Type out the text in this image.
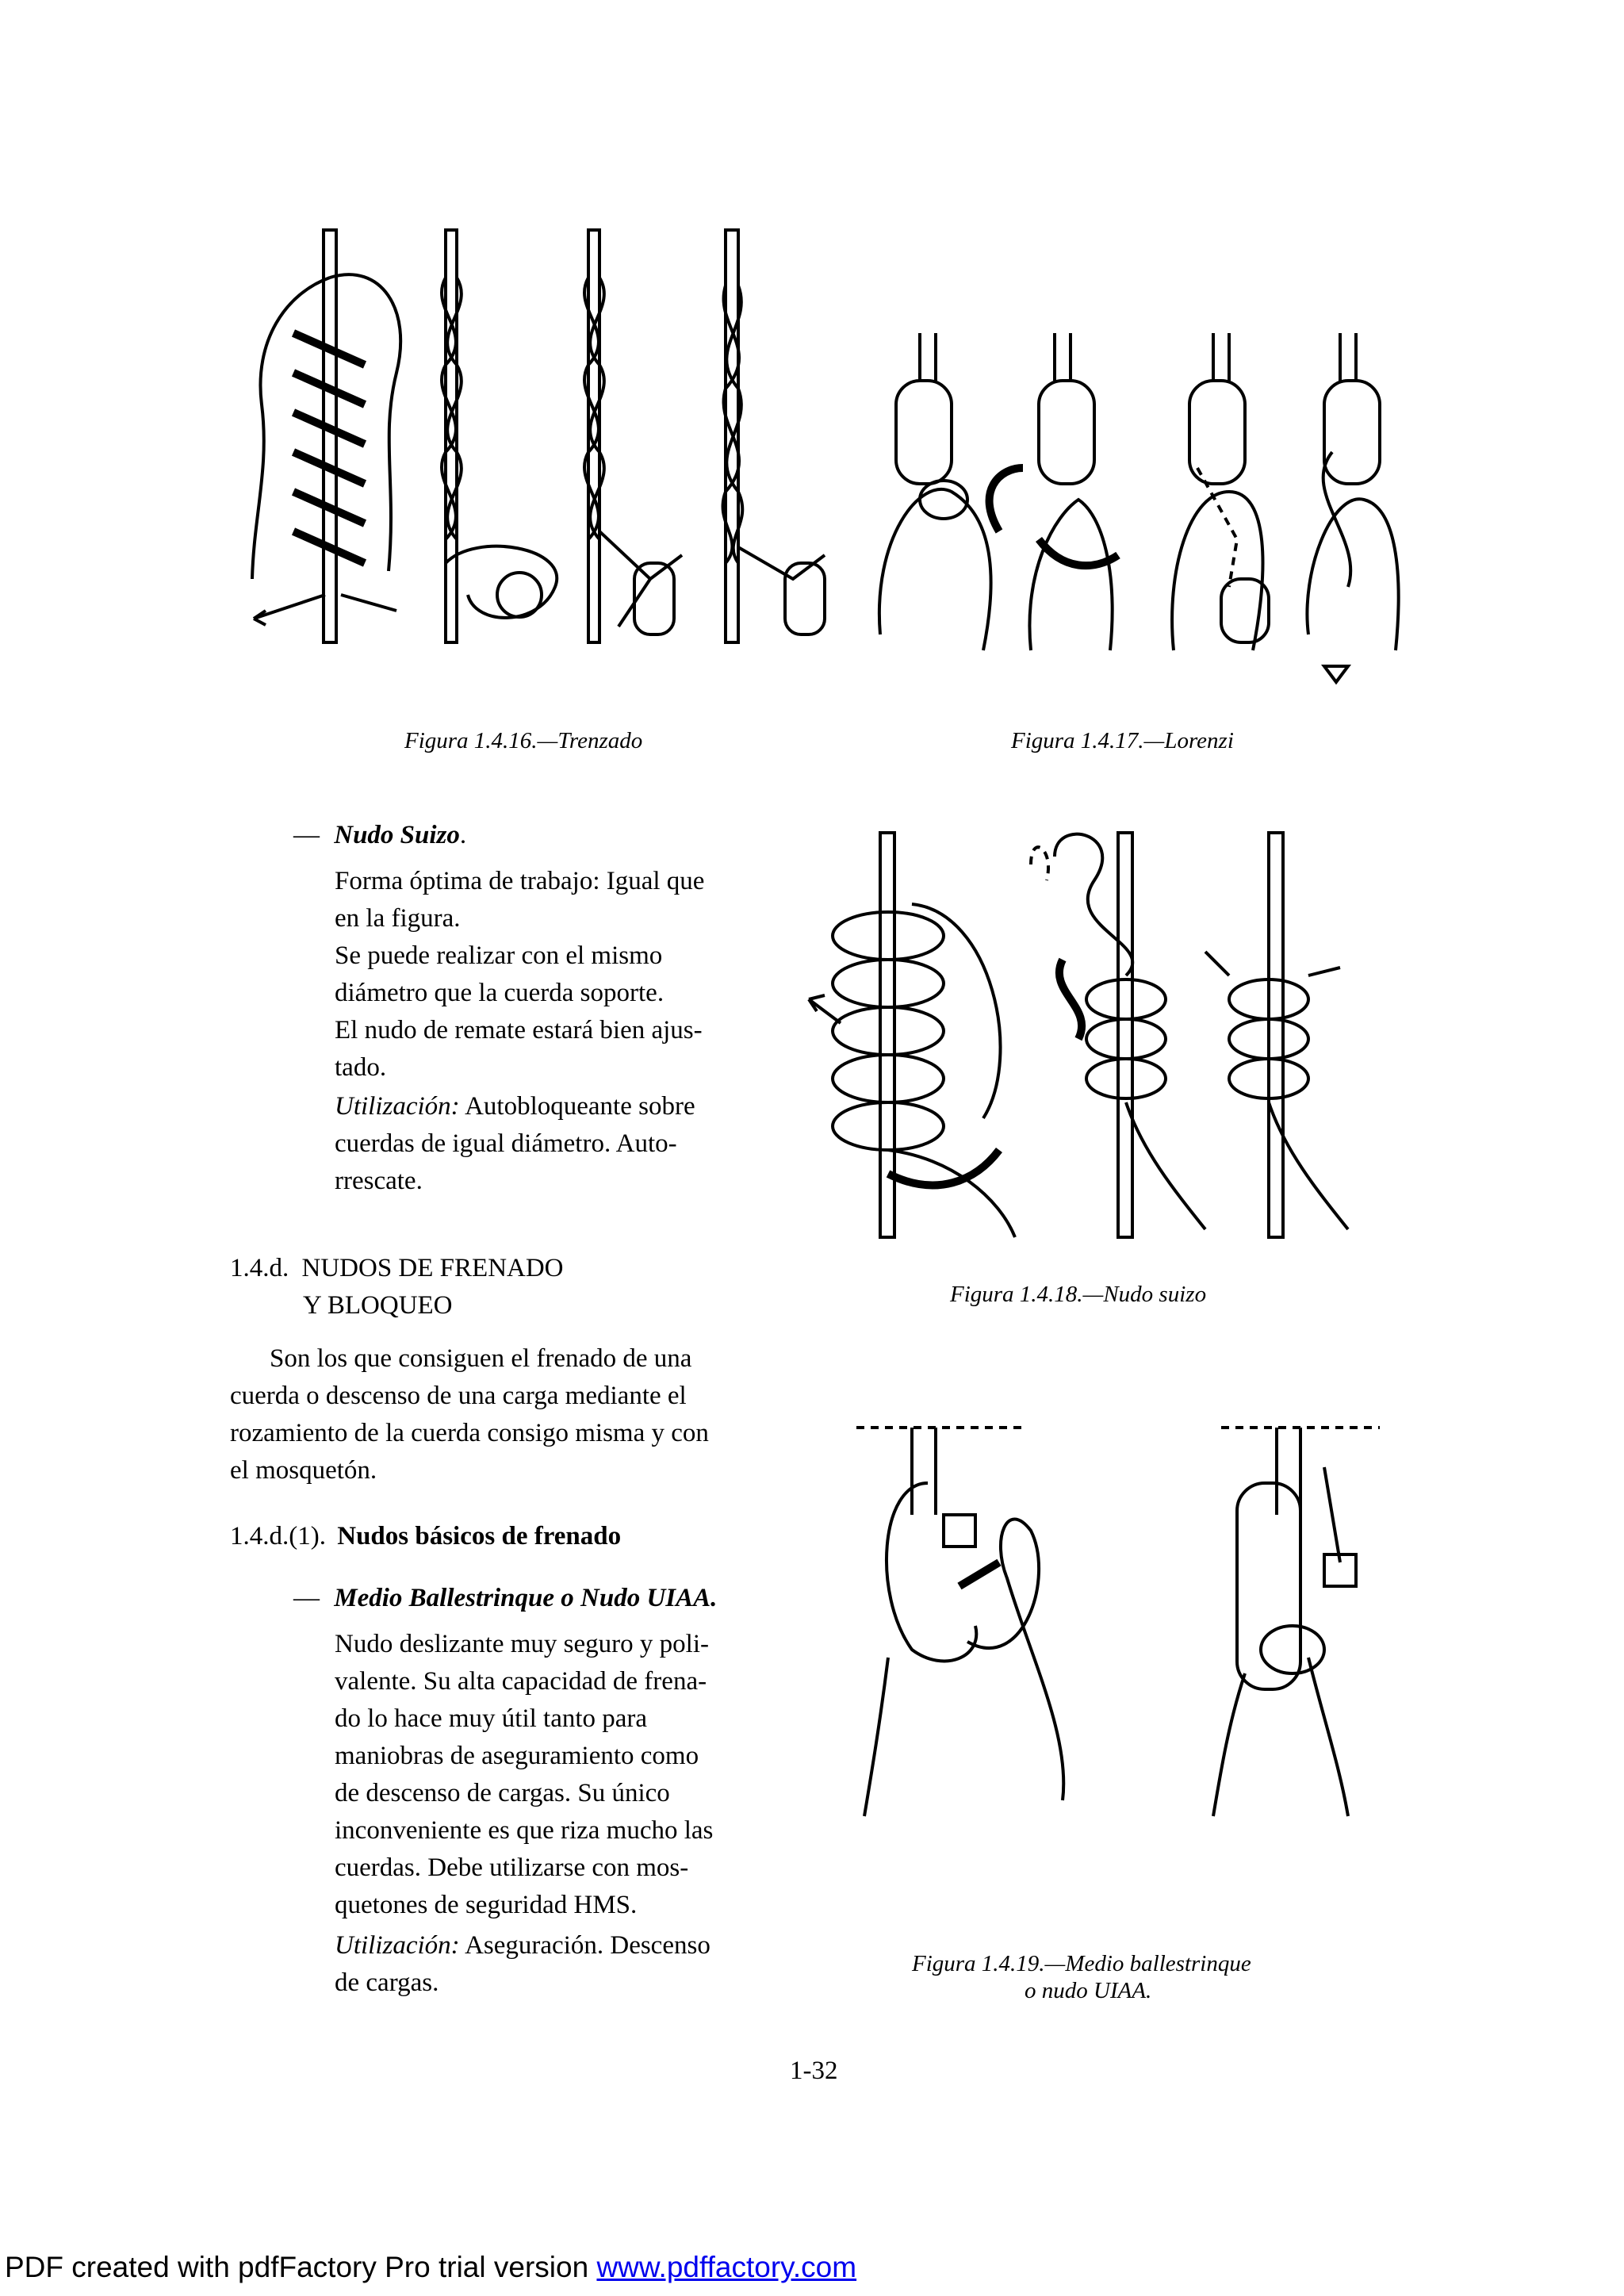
Figura 1.4.16.—Trenzado	Figura 1.4.17.—Lorenzi
— Nudo Suizo.
Forma óptima de trabajo: Igual que
en la figura.
Se puede realizar con el mismo
diámetro que la cuerda soporte.
El nudo de remate estará bien ajus-
tado.
Utilización: Autobloqueante sobre
cuerdas de igual diámetro. Auto-
rrescate.
Figura 1.4.18.—Nudo suizo
1.4.d. NUDOS DE FRENADO
Y BLOQUEO
Son los que consiguen el frenado de una
cuerda o descenso de una carga mediante el
rozamiento de la cuerda consigo misma y con
el mosquetón.
1.4.d.(1). Nudos básicos de frenado
— Medio Ballestrinque o Nudo UIAA.
Nudo deslizante muy seguro y poli-
valente. Su alta capacidad de frena-
do lo hace muy útil tanto para
maniobras de aseguramiento como
de descenso de cargas. Su único
inconveniente es que riza mucho las
cuerdas. Debe utilizarse con mos-
quetones de seguridad HMS.
Utilización: Aseguración. Descenso
de cargas.
Figura 1.4.19.—Medio ballestrinque
o nudo UIAA.
1-32
PDF created with pdfFactory Pro trial version www.pdffactory.com
